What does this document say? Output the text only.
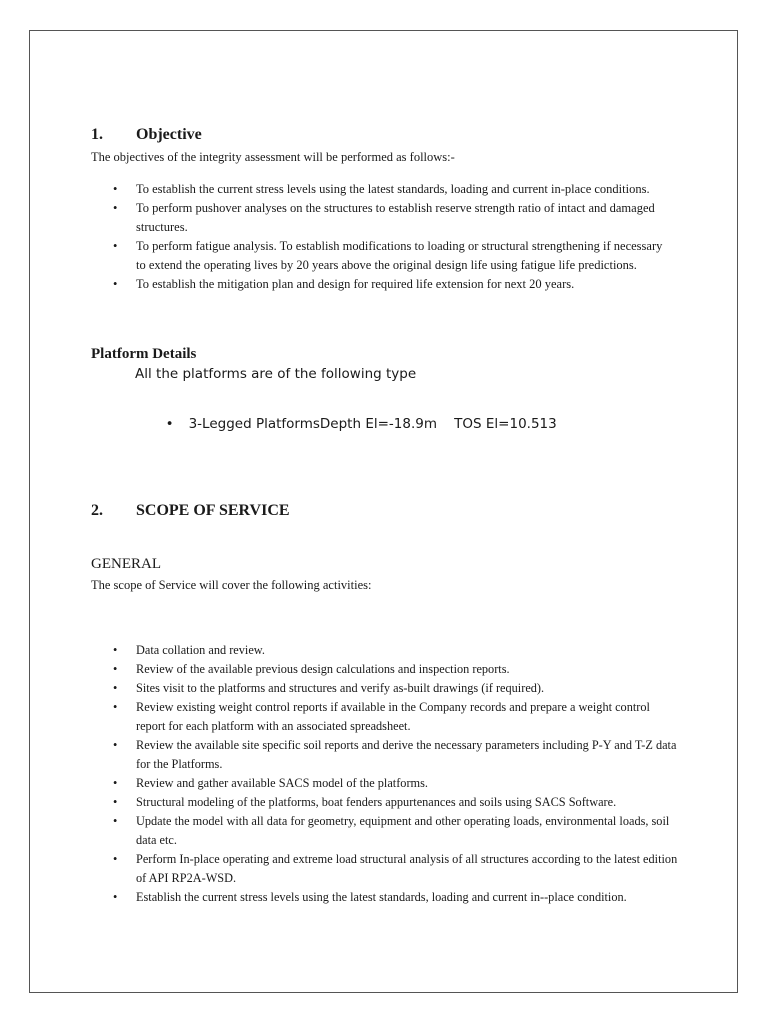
1. Objective
The objectives of the integrity assessment will be performed as follows:-
• To establish the current stress levels using the latest standards, loading and current in-place conditions.
• To perform pushover analyses on the structures to establish reserve strength ratio of intact and damaged structures.
• To perform fatigue analysis. To establish modifications to loading or structural strengthening if necessary to extend the operating lives by 20 years above the original design life using fatigue life predictions.
• To establish the mitigation plan and design for required life extension for next 20 years.
Platform Details
All the platforms are of the following type

• 3-Legged PlatformsDepth El=-18.9m    TOS El=10.513

2. SCOPE OF SERVICE
GENERAL
The scope of Service will cover the following activities:
• Data collation and review.
• Review of the available previous design calculations and inspection reports.
• Sites visit to the platforms and structures and verify as-built drawings (if required).
• Review existing weight control reports if available in the Company records and prepare a weight control report for each platform with an associated spreadsheet.
• Review the available site specific soil reports and derive the necessary parameters including P-Y and T-Z data for the Platforms.
• Review and gather available SACS model of the platforms.
• Structural modeling of the platforms, boat fenders appurtenances and soils using SACS Software.
• Update the model with all data for geometry, equipment and other operating loads, environmental loads, soil data etc.
• Perform In-place operating and extreme load structural analysis of all structures according to the latest edition of API RP2A-WSD.
• Establish the current stress levels using the latest standards, loading and current in--place condition.
